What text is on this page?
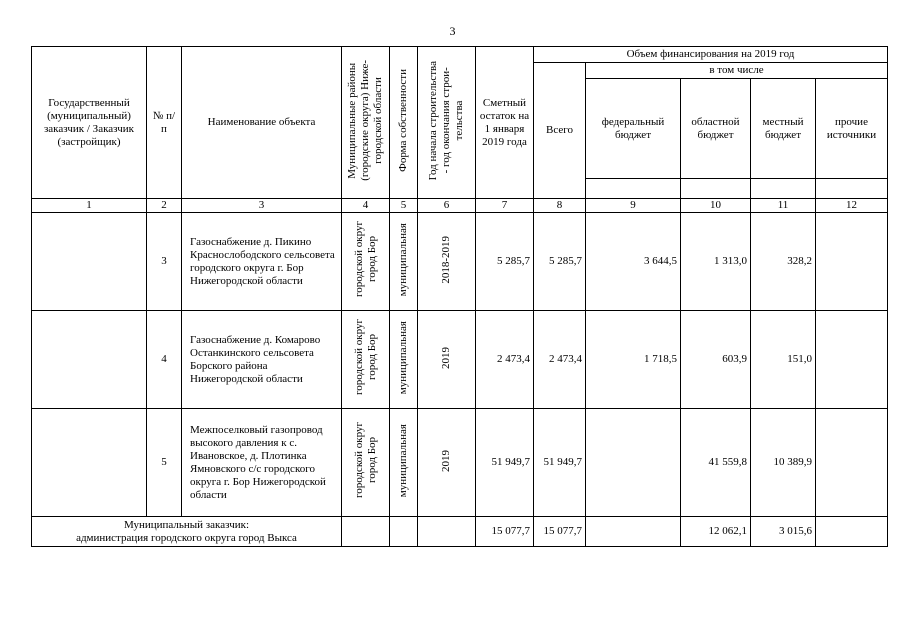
3
Государственный (муниципальный) заказчик / Заказчик (застройщик)	№ п/п	Наименование объекта	Муниципальные районы
(городские округа) Ниже-
городской области	Форма собственности	Год начала строительства
- год окончания строи-
тельства	Сметный остаток на 1 января 2019 года	Объем финансирования на 2019 год				
							Всего	в том числе			
								федеральный бюджет	областной бюджет	местный бюджет	прочие источники

1	2	3	4	5	6	7	8	9	10	11	12
	3	Газоснабжение д. Пикино Краснослободского сельсовета городского округа г. Бор Нижегородской области	городской округ
город Бор	муниципальная	2018-2019	5 285,7	5 285,7	3 644,5	1 313,0	328,2	
	4	Газоснабжение д. Комарово Останкинского сельсовета Борского района Нижегородской области	городской округ
город Бор	муниципальная	2019	2 473,4	2 473,4	1 718,5	603,9	151,0	
	5	Межпоселковый газопровод высокого давления к с. Ивановское, д. Плотинка Ямновского с/с городского округа г. Бор Нижегородской области	городской округ
город Бор	муниципальная	2019	51 949,7	51 949,7		41 559,8	10 389,9	
Муниципальный заказчик:
администрация городского округа город Выкса						15 077,7	15 077,7		12 062,1	3 015,6	
